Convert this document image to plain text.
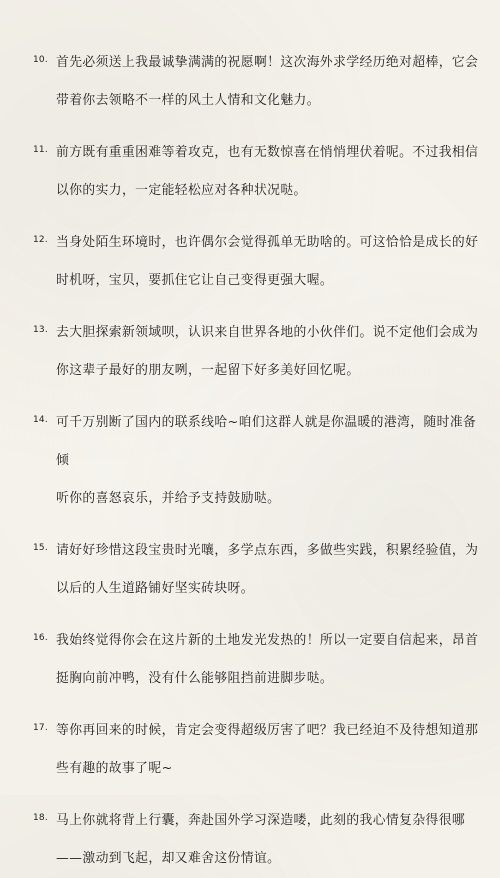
10. 首先必须送上我最诚挚满满的祝愿啊！这次海外求学经历绝对超棒，它会
带着你去领略不一样的风土人情和文化魅力。
11. 前方既有重重困难等着攻克，也有无数惊喜在悄悄埋伏着呢。不过我相信
以你的实力，一定能轻松应对各种状况哒。
12. 当身处陌生环境时，也许偶尔会觉得孤单无助啥的。可这恰恰是成长的好
时机呀，宝贝，要抓住它让自己变得更强大喔。
13. 去大胆探索新领域呗，认识来自世界各地的小伙伴们。说不定他们会成为
你这辈子最好的朋友咧，一起留下好多美好回忆呢。
14. 可千万别断了国内的联系线哈~咱们这群人就是你温暖的港湾，随时准备倾
听你的喜怒哀乐，并给予支持鼓励哒。
15. 请好好珍惜这段宝贵时光嚷，多学点东西，多做些实践，积累经验值，为
以后的人生道路铺好坚实砖块呀。
16. 我始终觉得你会在这片新的土地发光发热的！所以一定要自信起来，昂首
挺胸向前冲鸭，没有什么能够阻挡前进脚步哒。
17. 等你再回来的时候，肯定会变得超级厉害了吧？我已经迫不及待想知道那
些有趣的故事了呢~
18. 马上你就将背上行囊，奔赴国外学习深造喽，此刻的我心情复杂得很哪
——激动到飞起，却又难舍这份情谊。
